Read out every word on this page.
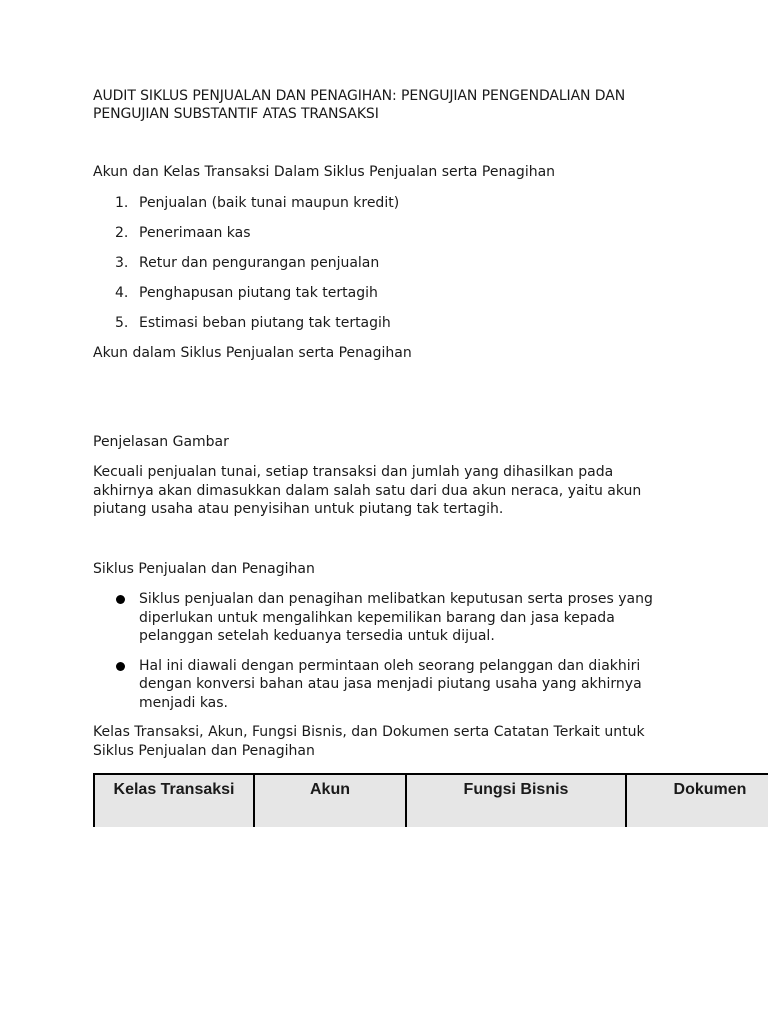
AUDIT SIKLUS PENJUALAN DAN PENAGIHAN: PENGUJIAN PENGENDALIAN DAN PENGUJIAN SUBSTANTIF ATAS TRANSAKSI

Akun dan Kelas Transaksi Dalam Siklus Penjualan serta Penagihan

1. Penjualan (baik tunai maupun kredit)
2. Penerimaan kas
3. Retur dan pengurangan penjualan
4. Penghapusan piutang tak tertagih
5. Estimasi beban piutang tak tertagih

Akun dalam Siklus Penjualan serta Penagihan

Penjelasan Gambar

Kecuali penjualan tunai, setiap transaksi dan jumlah yang dihasilkan pada akhirnya akan dimasukkan dalam salah satu dari dua akun neraca, yaitu akun piutang usaha atau penyisihan untuk piutang tak tertagih.

Siklus Penjualan dan Penagihan

Siklus penjualan dan penagihan melibatkan keputusan serta proses yang diperlukan untuk mengalihkan kepemilikan barang dan jasa kepada pelanggan setelah keduanya tersedia untuk dijual.
Hal ini diawali dengan permintaan oleh seorang pelanggan dan diakhiri dengan konversi bahan atau jasa menjadi piutang usaha yang akhirnya menjadi kas.

Kelas Transaksi, Akun, Fungsi Bisnis, dan Dokumen serta Catatan Terkait untuk Siklus Penjualan dan Penagihan

Kelas Transaksi	Akun	Fungsi Bisnis	Dokumen
